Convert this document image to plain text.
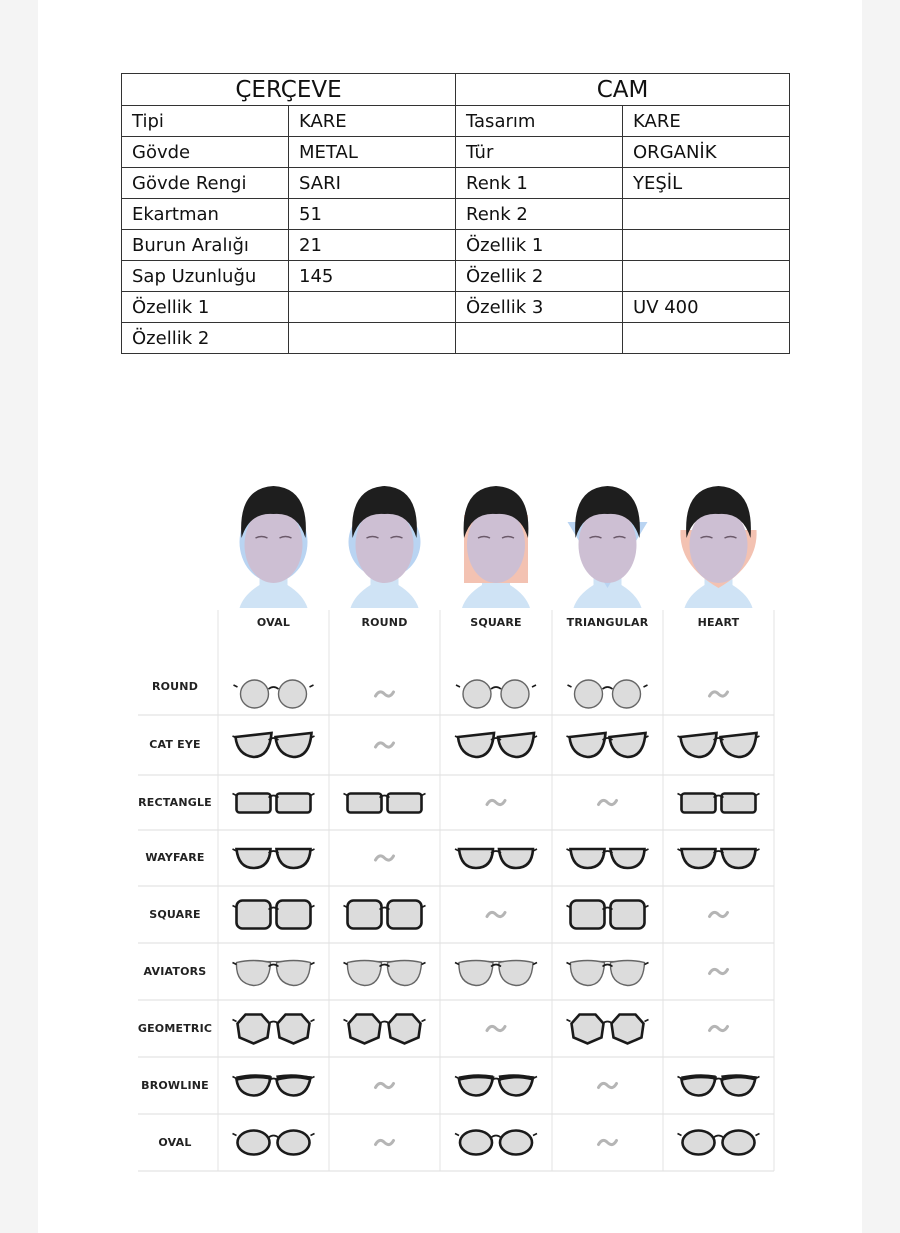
ÇERÇEVE		CAM	
Tipi	KARE	Tasarım	KARE
Gövde	METAL	Tür	ORGANİK
Gövde Rengi	SARI	Renk 1	YEŞİL
Ekartman	51	Renk 2	
Burun Aralığı	21	Özellik 1	
Sap Uzunluğu	145	Özellik 2	
Özellik 1		Özellik 3	UV 400
Özellik 2			
OVAL	ROUND	SQUARE	TRIANGULAR	HEART
ROUND
CAT EYE
RECTANGLE
WAYFARE
SQUARE
AVIATORS
GEOMETRIC
BROWLINE
OVAL
